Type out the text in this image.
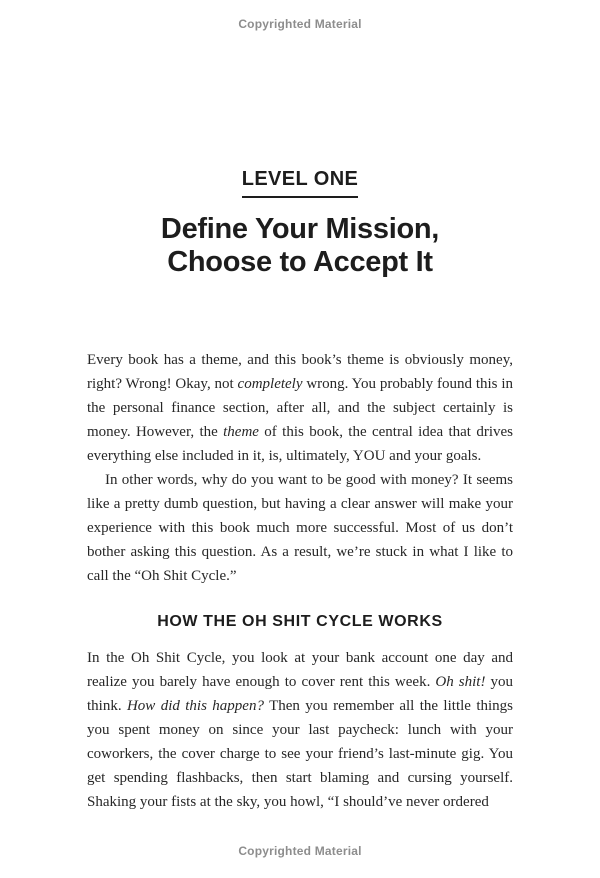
Copyrighted Material
LEVEL ONE
Define Your Mission,
Choose to Accept It

Every book has a theme, and this book’s theme is obviously money, right? Wrong! Okay, not completely wrong. You probably found this in the personal finance section, after all, and the subject certainly is money. However, the theme of this book, the central idea that drives everything else included in it, is, ultimately, YOU and your goals.

In other words, why do you want to be good with money? It seems like a pretty dumb question, but having a clear answer will make your experience with this book much more successful. Most of us don’t bother asking this question. As a result, we’re stuck in what I like to call the “Oh Shit Cycle.”

HOW THE OH SHIT CYCLE WORKS

In the Oh Shit Cycle, you look at your bank account one day and realize you barely have enough to cover rent this week. Oh shit! you think. How did this happen? Then you remember all the little things you spent money on since your last paycheck: lunch with your coworkers, the cover charge to see your friend’s last-minute gig. You get spending flashbacks, then start blaming and cursing yourself. Shaking your fists at the sky, you howl, “I should’ve never ordered

Copyrighted Material
